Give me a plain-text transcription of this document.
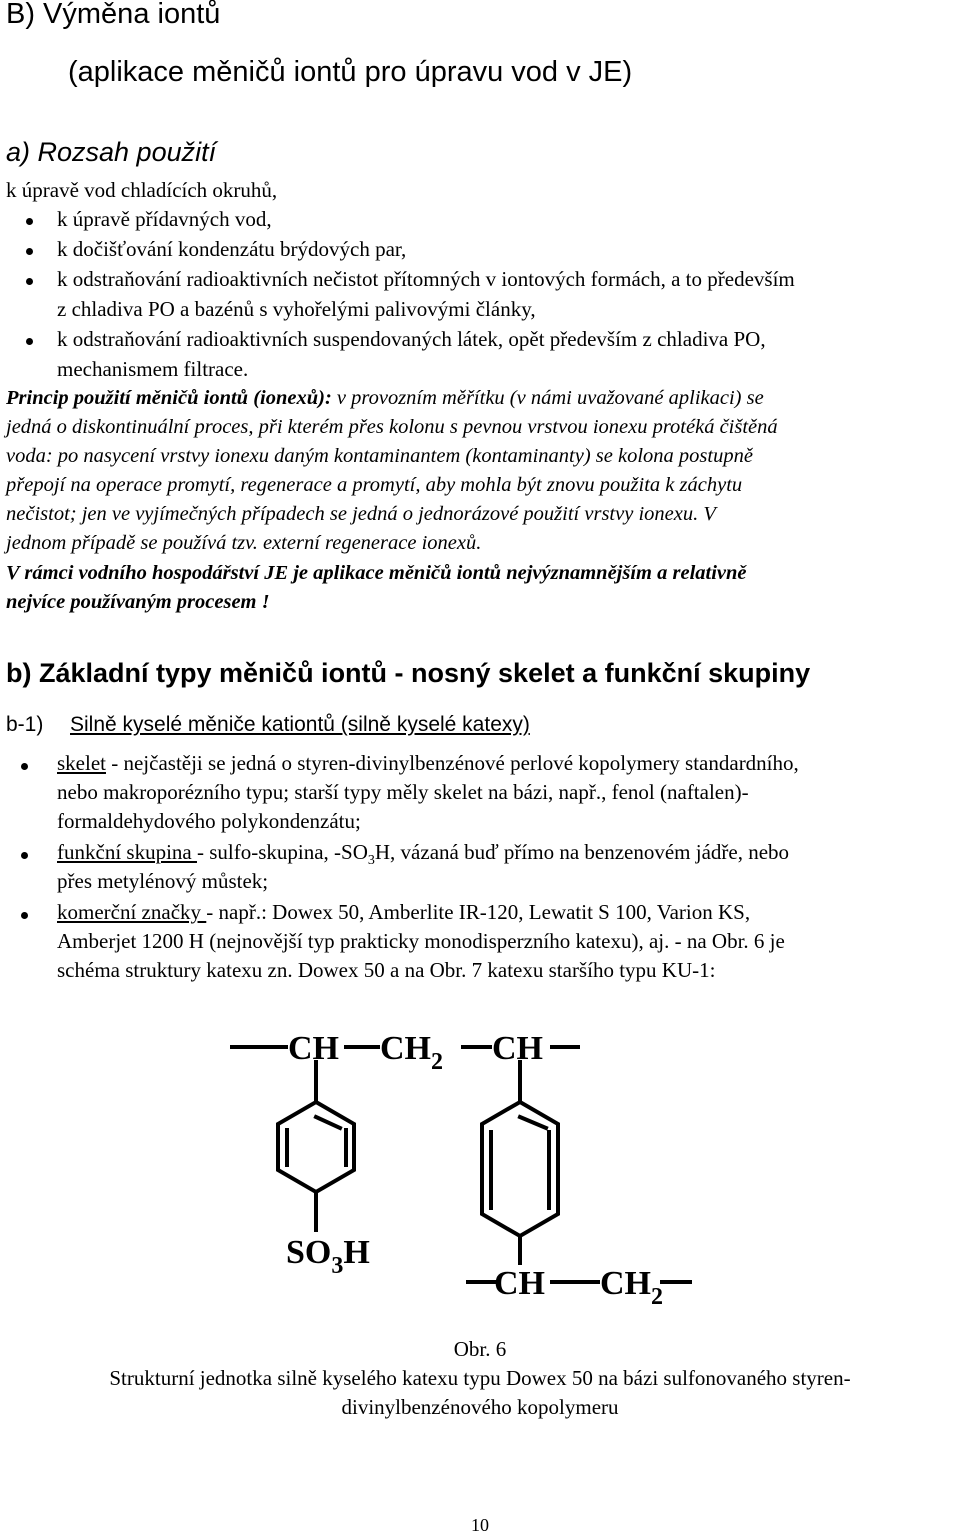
B) Výměna iontů
(aplikace měničů iontů pro úpravu vod v JE)
a) Rozsah použití
k úpravě vod chladících okruhů,
k úpravě přídavných vod,
k dočišťování kondenzátu brýdových par,
k odstraňování radioaktivních nečistot přítomných v iontových formách, a to především
z chladiva PO a bazénů s vyhořelými palivovými články,
k odstraňování radioaktivních suspendovaných látek, opět především z chladiva PO,
mechanismem filtrace.
Princip použití měničů iontů (ionexů): v provozním měřítku (v námi uvažované aplikaci) se
jedná o diskontinuální proces, při kterém přes kolonu s pevnou vrstvou ionexu protéká čištěná
voda: po nasycení vrstvy ionexu daným kontaminantem (kontaminanty) se kolona postupně
přepojí na operace promytí, regenerace a promytí, aby mohla být znovu použita k záchytu
nečistot; jen ve vyjímečných případech se jedná o jednorázové použití vrstvy ionexu. V
jednom případě se používá tzv. externí regenerace ionexů.
V rámci vodního hospodářství JE je aplikace měničů iontů nejvýznamnějším a relativně
nejvíce používaným procesem !
b) Základní typy měničů iontů - nosný skelet a funkční skupiny
b-1) Silně kyselé měniče kationtů (silně kyselé katexy)
skelet - nejčastěji se jedná o styren-divinylbenzénové perlové kopolymery standardního,
nebo makroporézního typu; starší typy měly skelet na bázi, např., fenol (naftalen)-
formaldehydového polykondenzátu;
funkční skupina - sulfo-skupina, $-SO_3H$, vázaná buď přímo na benzenovém jádře, nebo
přes metylénový můstek;
komerční značky - např.: Dowex 50, Amberlite IR-120, Lewatit S 100, Varion KS,
Amberjet 1200 H (nejnovější typ prakticky monodisperzního katexu), aj. - na Obr. 6 je
schéma struktury katexu zn. Dowex 50 a na Obr. 7 katexu staršího typu KU-1:
CH $CH_2$ CH
$SO_3H$
CH $CH_2$
Obr. 6
Strukturní jednotka silně kyselého katexu typu Dowex 50 na bázi sulfonovaného styren-
divinylbenzénového kopolymeru
10
